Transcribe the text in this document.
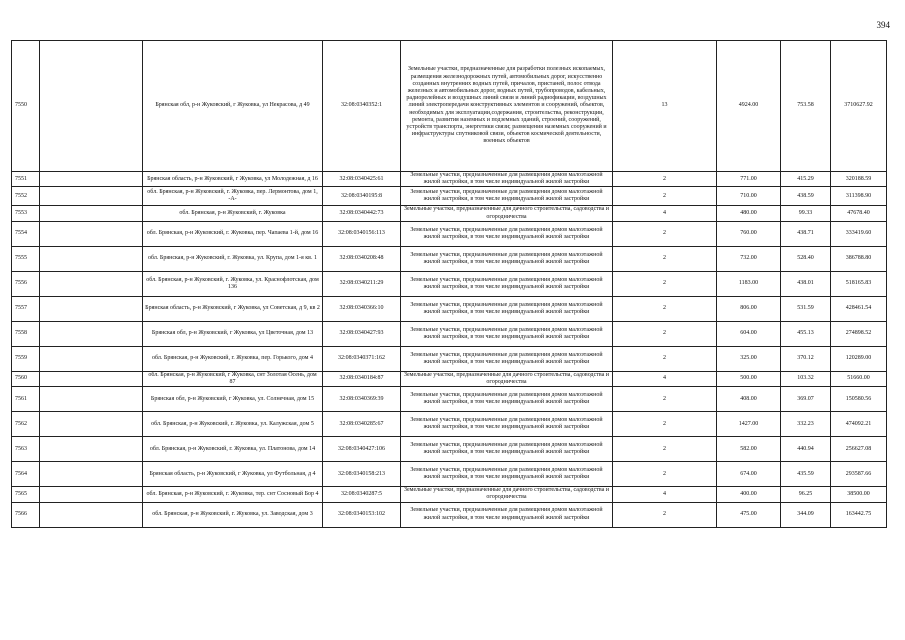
394
7550		Брянская обл, р-н Жуковский, г Жуковка, ул Некрасова, д 49	32:08:0340352:1	Земельные участки, предназначенные для разработки полезных ископаемых, размещения железнодорожных путей, автомобильных дорог, искусственно созданных внутренних водных путей, причалов, пристаней, полос отвода железных и автомобильных дорог, водных путей, трубопроводов, кабельных, радиорелейных и воздушных линий связи и линий радиофикации, воздушных линий электропередачи конструктивных элементов и сооружений, объектов, необходимых для эксплуатации,содержания, строительства, реконструкции, ремонта, развития наземных и подземных зданий, строений, сооружений, устройств транспорта, энергетики связи; размещения наземных сооружений и инфраструктуры спутниковой связи, объектов космической деятельности, военных объектов	13	4924.00	753.58	3710627.92
7551		Брянская область, р-н Жуковский, г Жуковка, ул Молодежная, д 16	32:08:0340425:61	Земельные участки, предназначенные для размещения домов малоэтажной жилой застройки, в том числе индивидуальной жилой застройки	2	771.00	415.29	320188.59
7552		обл. Брянская, р-н Жуковский, г. Жуковка, пер. Лермонтова, дом 1, -А-	32:08:0340195:8	Земельные участки, предназначенные для размещения домов малоэтажной жилой застройки, в том числе индивидуальной жилой застройки	2	710.00	438.59	311398.90
7553		обл. Брянская, р-н Жуковский, г. Жуковка	32:08:0340442:73	Земельные участки, предназначенные для дачного строительства, садоводства и огородничества	4	480.00	99.33	47678.40
7554		обл. Брянская, р-н Жуковский, г. Жуковка, пер. Чапаева 1-й, дом 16	32:08:0340156:113	Земельные участки, предназначенные для размещения домов малоэтажной жилой застройки, в том числе индивидуальной жилой застройки	2	760.00	438.71	333419.60
7555		обл. Брянская, р-н Жуковский, г. Жуковка, ул. Крупа, дом 1-я кв. 1	32:08:0340208:48	Земельные участки, предназначенные для размещения домов малоэтажной жилой застройки, в том числе индивидуальной жилой застройки	2	732.00	528.40	386788.80
7556		обл. Брянская, р-н Жуковский, г. Жуковка, ул. Краснофлотская, дом 136	32:08:0340211:29	Земельные участки, предназначенные для размещения домов малоэтажной жилой застройки, в том числе индивидуальной жилой застройки	2	1183.00	438.01	518165.83
7557		Брянская область, р-н Жуковский, г Жуковка, ул Советская, д 9, кв 2	32:08:0340366:10	Земельные участки, предназначенные для размещения домов малоэтажной жилой застройки, в том числе индивидуальной жилой застройки	2	806.00	531.59	428461.54
7558		Брянская обл, р-н Жуковский, г Жуковка, ул Цветочная, дом 13	32:08:0340427:93	Земельные участки, предназначенные для размещения домов малоэтажной жилой застройки, в том числе индивидуальной жилой застройки	2	604.00	455.13	274898.52
7559		обл. Брянская, р-н Жуковский, г. Жуковка, пер. Горького, дом 4	32:08:0340371:162	Земельные участки, предназначенные для размещения домов малоэтажной жилой застройки, в том числе индивидуальной жилой застройки	2	325.00	370.12	120289.00
7560		обл. Брянская, р-н Жуковский, г Жуковка, снт Золотая Осень, дом 87	32:08:0340184:87	Земельные участки, предназначенные для дачного строительства, садоводства и огородничества	4	500.00	103.32	51660.00
7561		Брянская обл, р-н Жуковский, г Жуковка, ул. Солнечная, дом 15	32:08:0340369:39	Земельные участки, предназначенные для размещения домов малоэтажной жилой застройки, в том числе индивидуальной жилой застройки	2	408.00	369.07	150580.56
7562		обл. Брянская, р-н Жуковский, г. Жуковка, ул. Калужская, дом 5	32:08:0340285:67	Земельные участки, предназначенные для размещения домов малоэтажной жилой застройки, в том числе индивидуальной жилой застройки	2	1427.00	332.23	474092.21
7563		обл. Брянская, р-н Жуковский, г. Жуковка, ул. Платонова, дом 14	32:08:0340427:106	Земельные участки, предназначенные для размещения домов малоэтажной жилой застройки, в том числе индивидуальной жилой застройки	2	582.00	440.94	256627.08
7564		Брянская область, р-н Жуковский, г Жуковка, ул Футбольная, д 4	32:08:0340158:213	Земельные участки, предназначенные для размещения домов малоэтажной жилой застройки, в том числе индивидуальной жилой застройки	2	674.00	435.59	293587.66
7565		обл. Брянская, р-н Жуковский, г. Жуковка, тер. снт Сосновый Бор 4	32:08:0340287:5	Земельные участки, предназначенные для дачного строительства, садоводства и огородничества	4	400.00	96.25	38500.00
7566		обл. Брянская, р-н Жуковский, г. Жуковка, ул. Заводская, дом 3	32:08:0340153:102	Земельные участки, предназначенные для размещения домов малоэтажной жилой застройки, в том числе индивидуальной жилой застройки	2	475.00	344.09	163442.75
